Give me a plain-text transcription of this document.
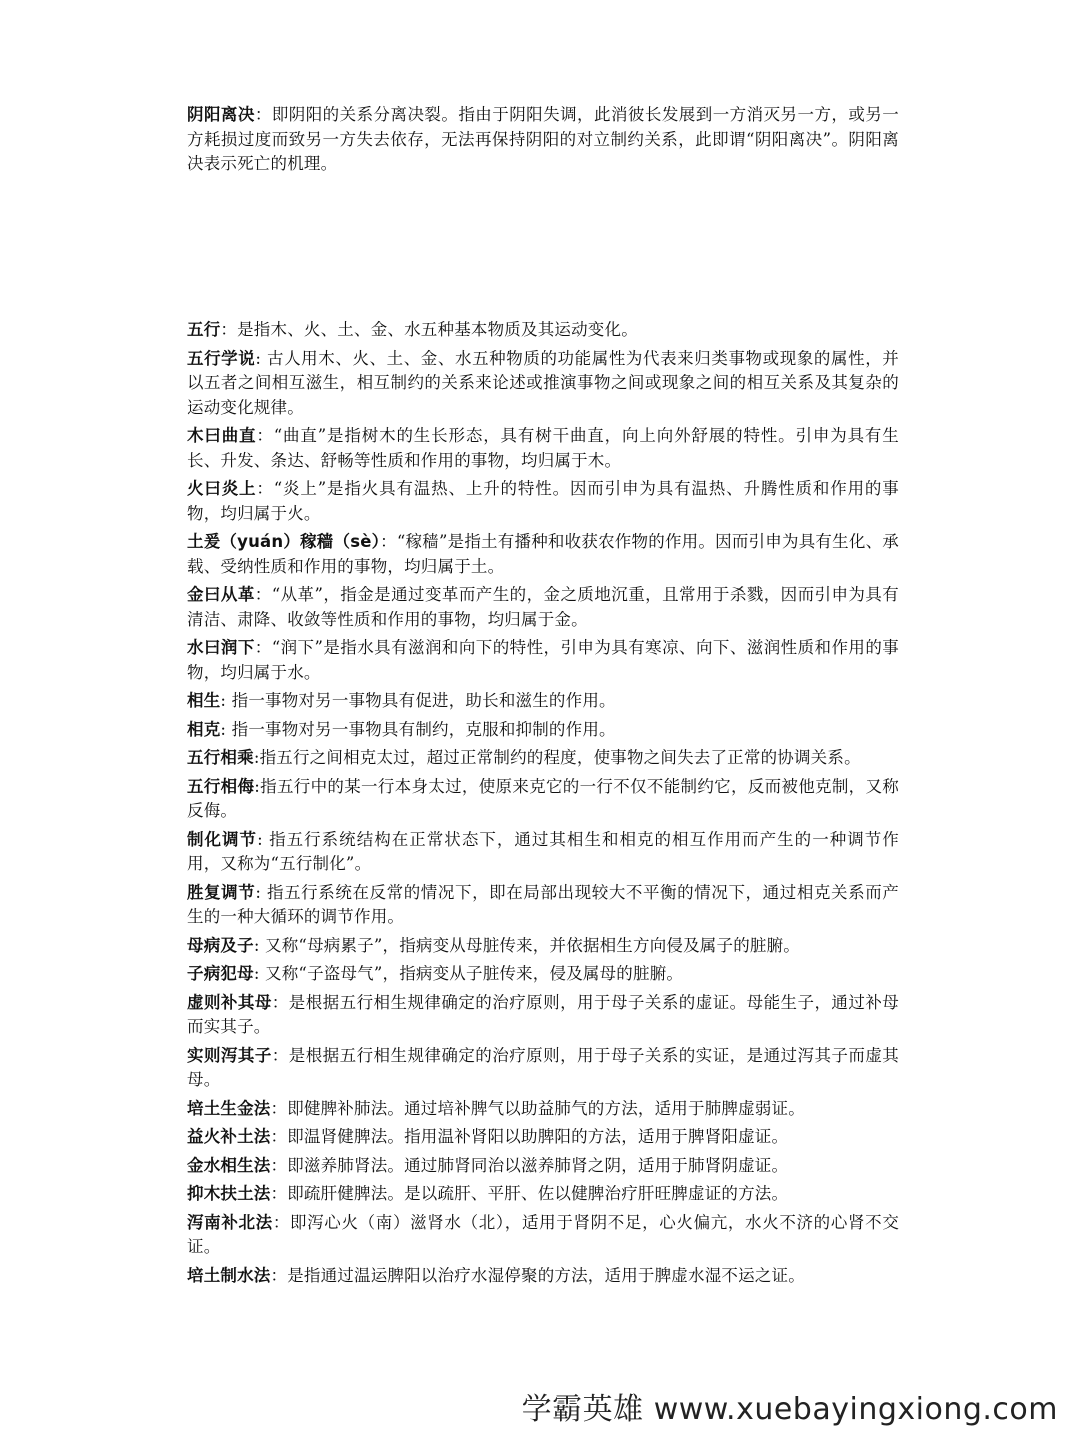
阴阳离决：即阴阳的关系分离决裂。指由于阴阳失调，此消彼长发展到一方消灭另一方，或另一方耗损过度而致另一方失去依存，无法再保持阴阳的对立制约关系，此即谓“阴阳离决”。阴阳离决表示死亡的机理。

五行：是指木、火、土、金、水五种基本物质及其运动变化。

五行学说: 古人用木、火、土、金、水五种物质的功能属性为代表来归类事物或现象的属性，并以五者之间相互滋生，相互制约的关系来论述或推演事物之间或现象之间的相互关系及其复杂的运动变化规律。

木曰曲直：“曲直”是指树木的生长形态，具有树干曲直，向上向外舒展的特性。引申为具有生长、升发、条达、舒畅等性质和作用的事物，均归属于木。

火曰炎上：“炎上”是指火具有温热、上升的特性。因而引申为具有温热、升腾性质和作用的事物，均归属于火。

土爰（yuán）稼穑（sè）：“稼穑”是指土有播种和收获农作物的作用。因而引申为具有生化、承载、受纳性质和作用的事物，均归属于土。

金曰从革：“从革”，指金是通过变革而产生的，金之质地沉重，且常用于杀戮，因而引申为具有清洁、肃降、收敛等性质和作用的事物，均归属于金。

水曰润下：“润下”是指水具有滋润和向下的特性，引申为具有寒凉、向下、滋润性质和作用的事物，均归属于水。

相生: 指一事物对另一事物具有促进，助长和滋生的作用。

相克: 指一事物对另一事物具有制约，克服和抑制的作用。

五行相乘:指五行之间相克太过，超过正常制约的程度，使事物之间失去了正常的协调关系。

五行相侮:指五行中的某一行本身太过，使原来克它的一行不仅不能制约它，反而被他克制，又称反侮。

制化调节: 指五行系统结构在正常状态下，通过其相生和相克的相互作用而产生的一种调节作用，又称为“五行制化”。

胜复调节: 指五行系统在反常的情况下，即在局部出现较大不平衡的情况下，通过相克关系而产生的一种大循环的调节作用。

母病及子: 又称“母病累子”，指病变从母脏传来，并依据相生方向侵及属子的脏腑。

子病犯母: 又称“子盗母气”，指病变从子脏传来，侵及属母的脏腑。

虚则补其母：是根据五行相生规律确定的治疗原则，用于母子关系的虚证。母能生子，通过补母而实其子。

实则泻其子：是根据五行相生规律确定的治疗原则，用于母子关系的实证，是通过泻其子而虚其母。

培土生金法：即健脾补肺法。通过培补脾气以助益肺气的方法，适用于肺脾虚弱证。

益火补土法：即温肾健脾法。指用温补肾阳以助脾阳的方法，适用于脾肾阳虚证。

金水相生法：即滋养肺肾法。通过肺肾同治以滋养肺肾之阴，适用于肺肾阴虚证。

抑木扶土法：即疏肝健脾法。是以疏肝、平肝、佐以健脾治疗肝旺脾虚证的方法。

泻南补北法：即泻心火（南）滋肾水（北），适用于肾阴不足，心火偏亢，水火不济的心肾不交证。

培土制水法：是指通过温运脾阳以治疗水湿停聚的方法，适用于脾虚水湿不运之证。

学霸英雄 www.xuebayingxiong.com
